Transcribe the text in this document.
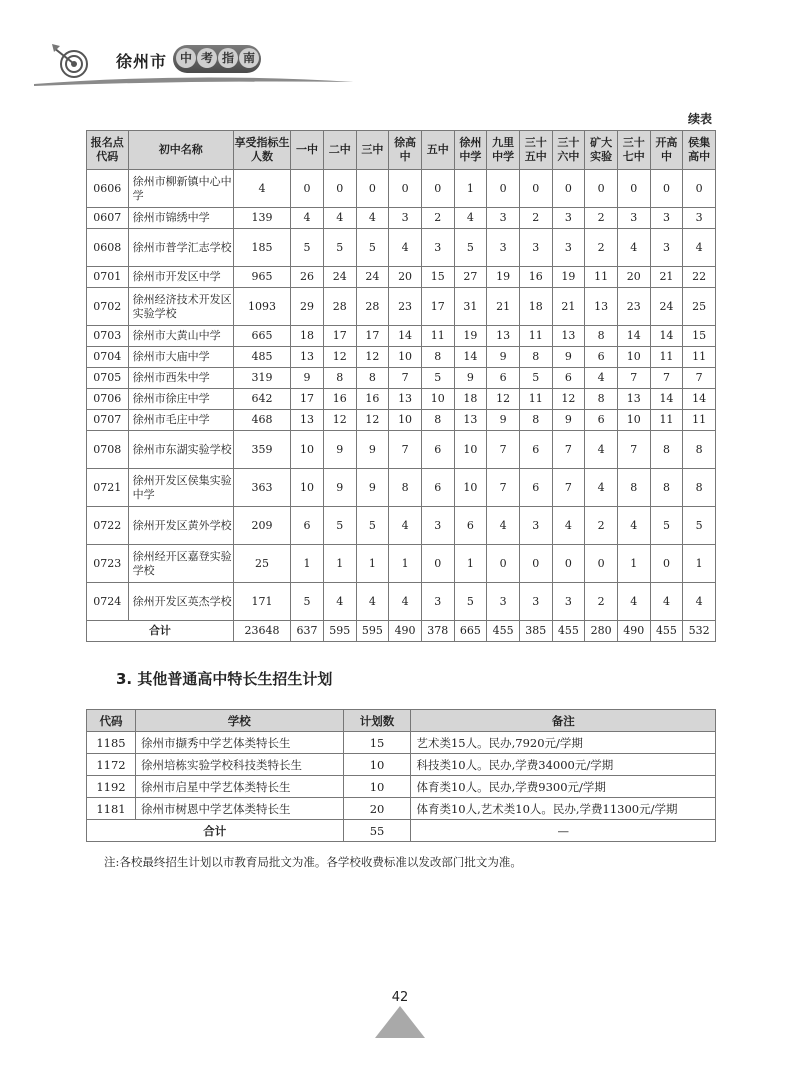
徐州市	中 考 指 南
续表
报名点代码	初中名称	享受指标生人数	一中	二中	三中	徐高中	五中	徐州中学	九里中学	三十五中	三十六中	矿大实验	三十七中	开高中	侯集高中
0606	徐州市柳新镇中心中学	4	0	0	0	0	0	1	0	0	0	0	0	0	0
0607	徐州市锦绣中学	139	4	4	4	3	2	4	3	2	3	2	3	3	3
0608	徐州市普学汇志学校	185	5	5	5	4	3	5	3	3	3	2	4	3	4
0701	徐州市开发区中学	965	26	24	24	20	15	27	19	16	19	11	20	21	22
0702	徐州经济技术开发区实验学校	1093	29	28	28	23	17	31	21	18	21	13	23	24	25
0703	徐州市大黄山中学	665	18	17	17	14	11	19	13	11	13	8	14	14	15
0704	徐州市大庙中学	485	13	12	12	10	8	14	9	8	9	6	10	11	11
0705	徐州市西朱中学	319	9	8	8	7	5	9	6	5	6	4	7	7	7
0706	徐州市徐庄中学	642	17	16	16	13	10	18	12	11	12	8	13	14	14
0707	徐州市毛庄中学	468	13	12	12	10	8	13	9	8	9	6	10	11	11
0708	徐州市东湖实验学校	359	10	9	9	7	6	10	7	6	7	4	7	8	8
0721	徐州开发区侯集实验中学	363	10	9	9	8	6	10	7	6	7	4	8	8	8
0722	徐州开发区黄外学校	209	6	5	5	4	3	6	4	3	4	2	4	5	5
0723	徐州经开区嘉登实验学校	25	1	1	1	1	0	1	0	0	0	0	1	0	1
0724	徐州开发区英杰学校	171	5	4	4	4	3	5	3	3	3	2	4	4	4
合计		23648	637	595	595	490	378	665	455	385	455	280	490	455	532
3. 其他普通高中特长生招生计划
代码	学校	计划数	备注
1185	徐州市撷秀中学艺体类特长生	15	艺术类15人。民办,7920元/学期
1172	徐州培栋实验学校科技类特长生	10	科技类10人。民办,学费34000元/学期
1192	徐州市启星中学艺体类特长生	10	体育类10人。民办,学费9300元/学期
1181	徐州市树恩中学艺体类特长生	20	体育类10人,艺术类10人。民办,学费11300元/学期
合计		55	—
注:各校最终招生计划以市教育局批文为准。各学校收费标准以发改部门批文为准。
42
